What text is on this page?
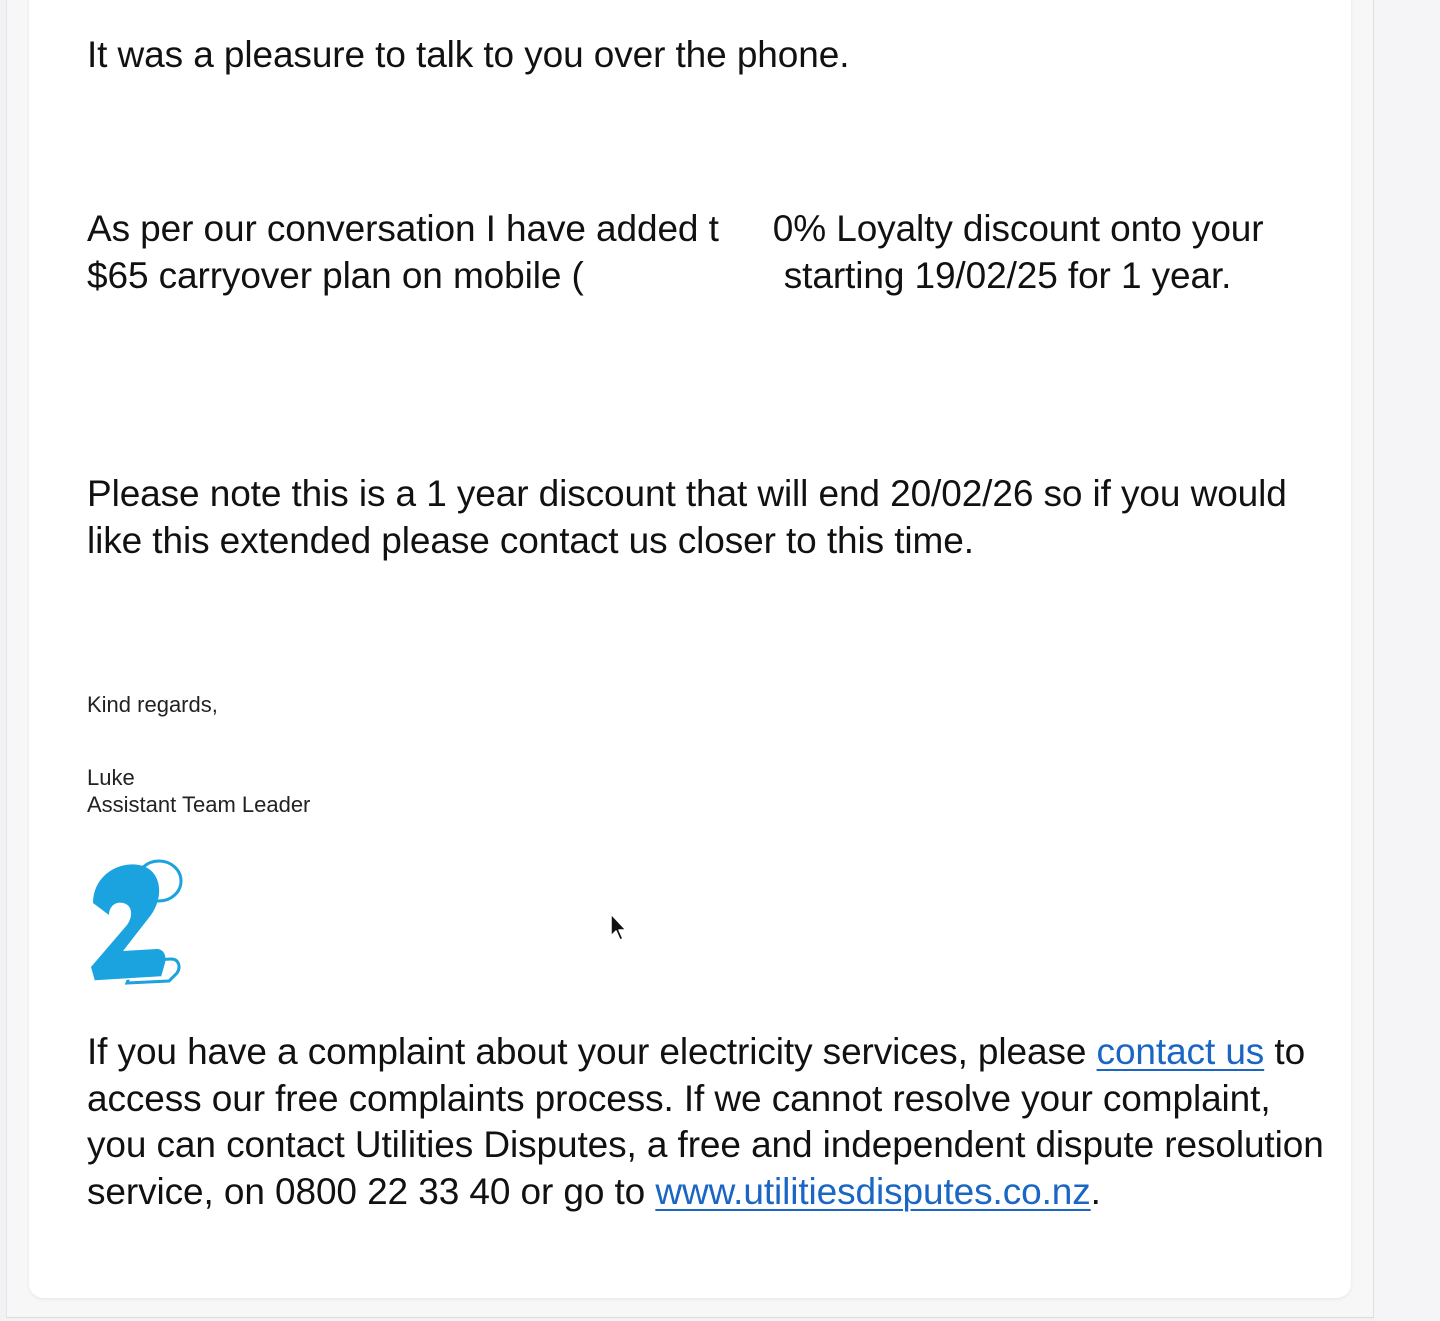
It was a pleasure to talk to you over the phone.

As per our conversation I have added t 0% Loyalty discount onto your $65 carryover plan on mobile (	starting 19/02/25 for 1 year.

Please note this is a 1 year discount that will end 20/02/26 so if you would like this extended please contact us closer to this time.

Kind regards,

Luke

Assistant Team Leader

If you have a complaint about your electricity services, please contact us to access our free complaints process. If we cannot resolve your complaint, you can contact Utilities Disputes, a free and independent dispute resolution service, on 0800 22 33 40 or go to www.utilitiesdisputes.co.nz.
